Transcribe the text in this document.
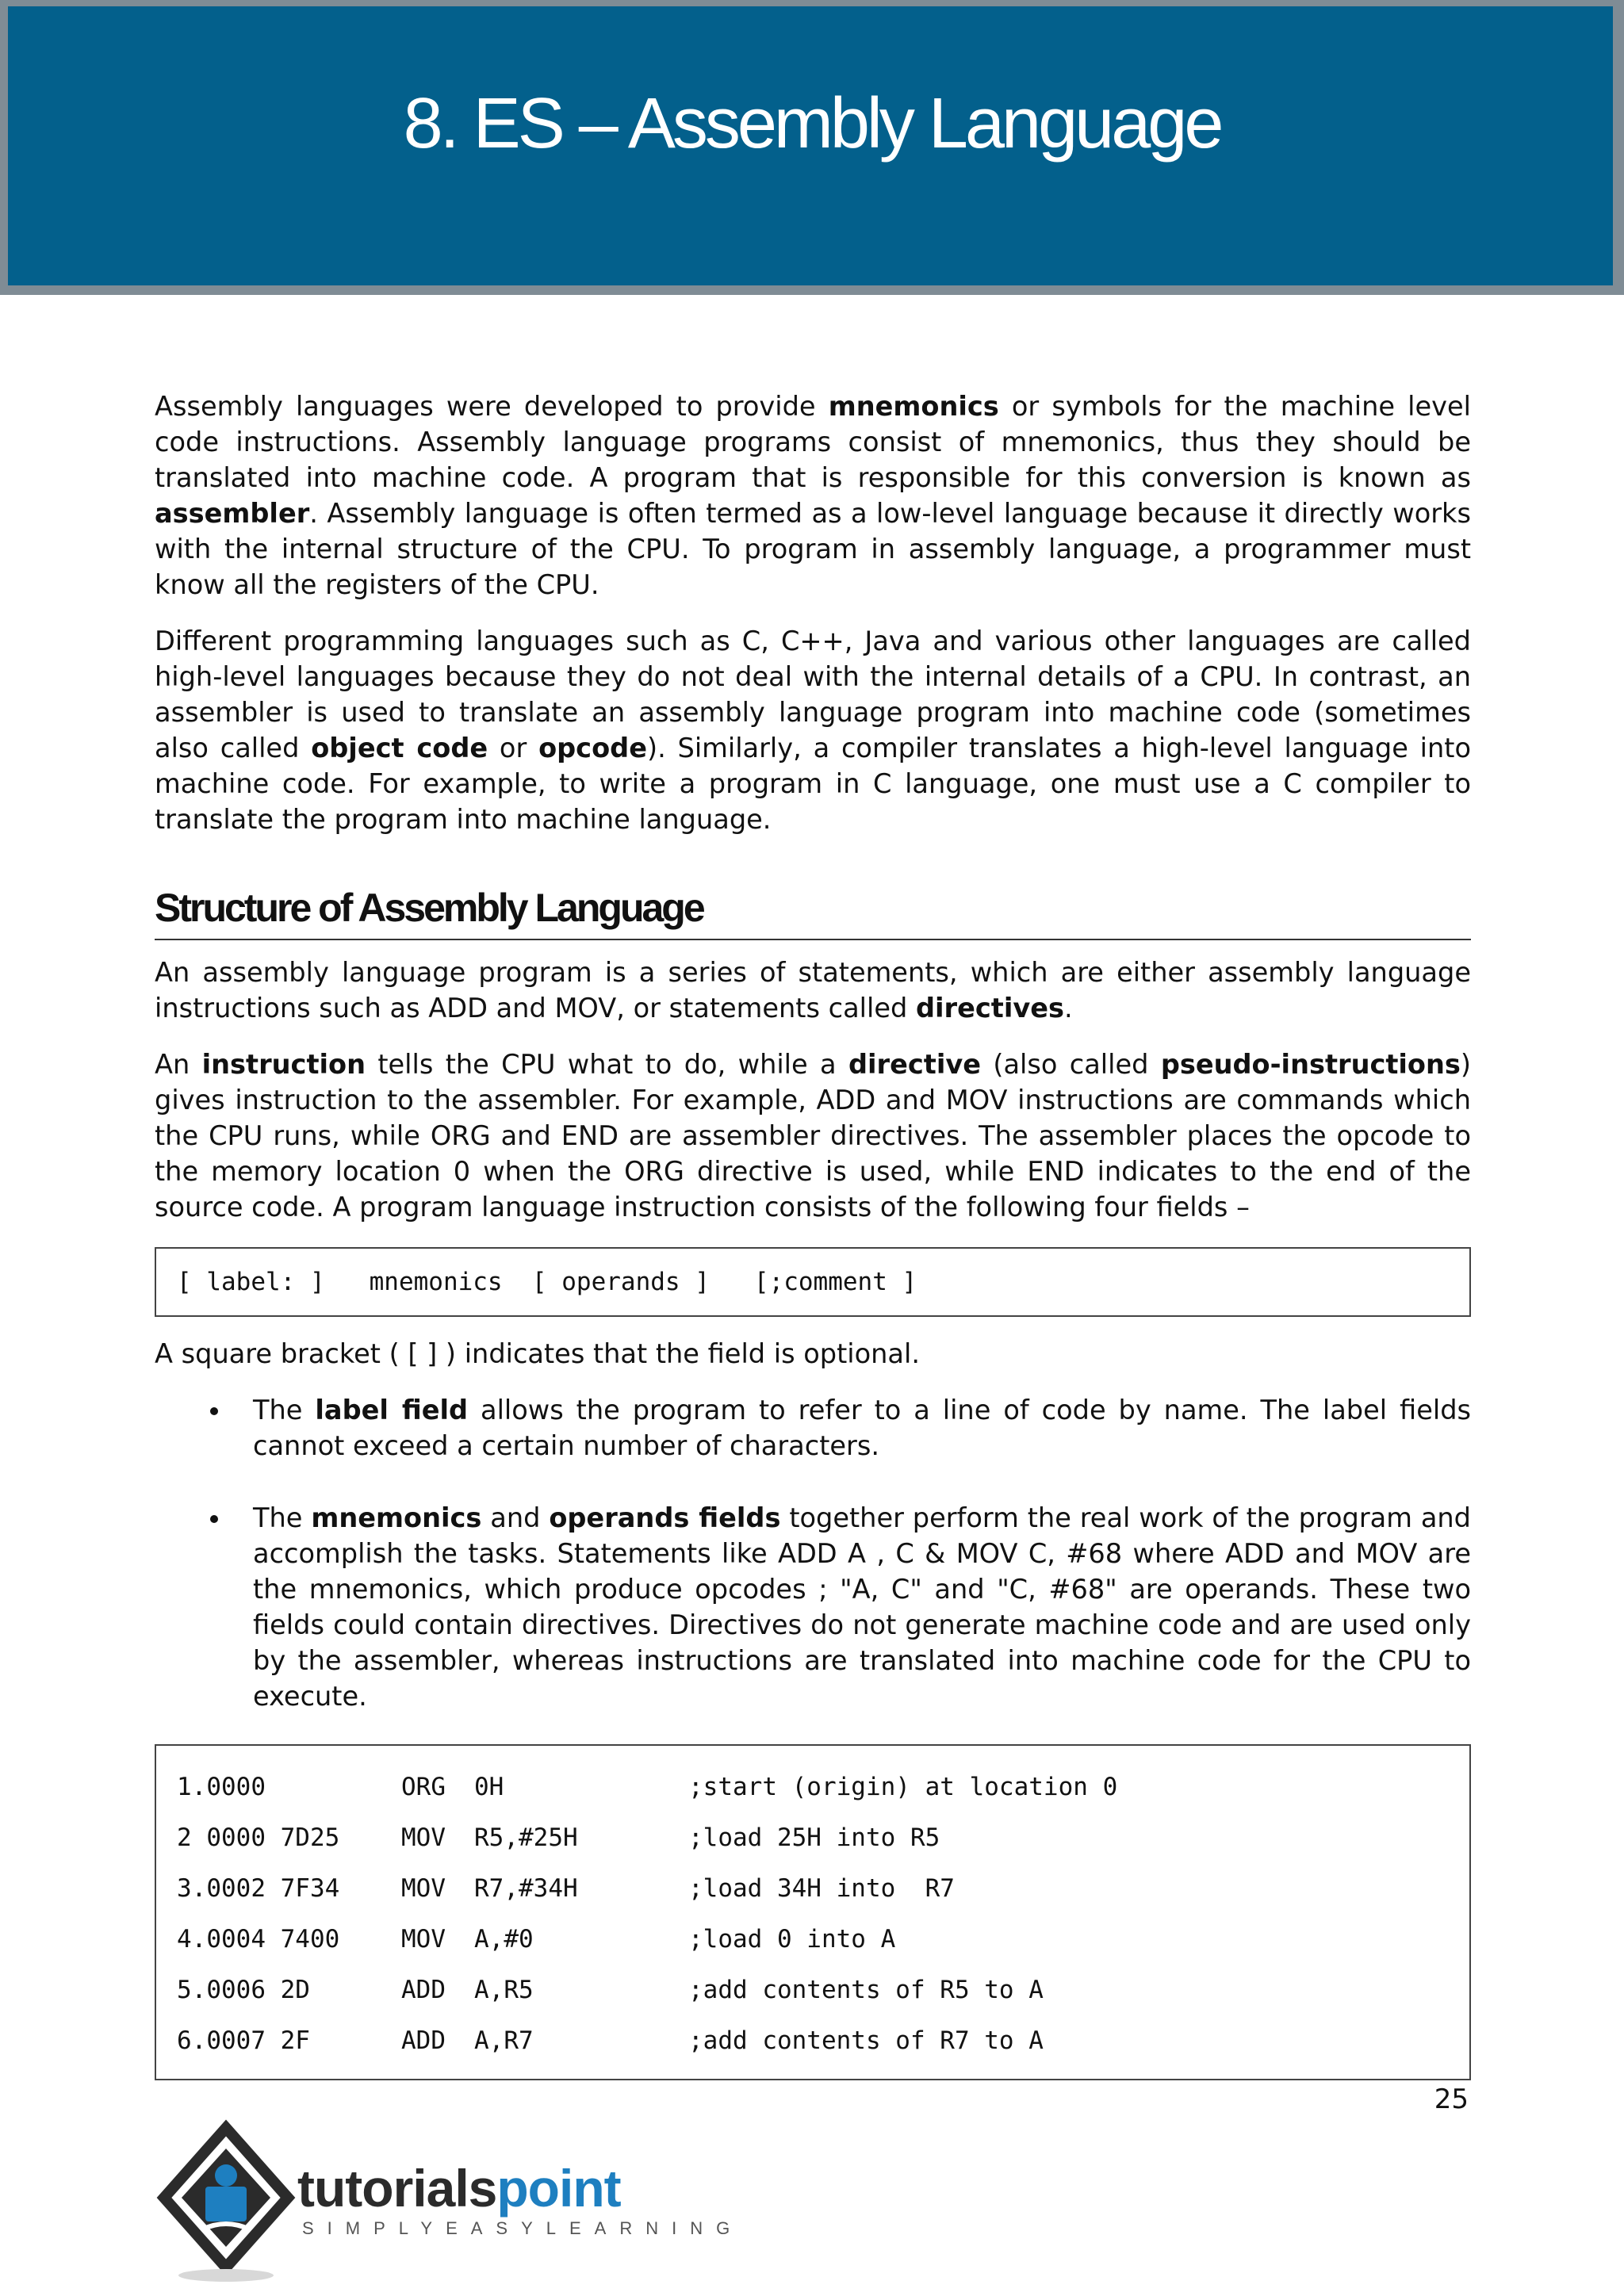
8. ES – Assembly Language

Assembly languages were developed to provide mnemonics or symbols for the machine level code instructions. Assembly language programs consist of mnemonics, thus they should be translated into machine code. A program that is responsible for this conversion is known as assembler. Assembly language is often termed as a low-level language because it directly works with the internal structure of the CPU. To program in assembly language, a programmer must know all the registers of the CPU.

Different programming languages such as C, C++, Java and various other languages are called high-level languages because they do not deal with the internal details of a CPU. In contrast, an assembler is used to translate an assembly language program into machine code (sometimes also called object code or opcode). Similarly, a compiler translates a high-level language into machine code. For example, to write a program in C language, one must use a C compiler to translate the program into machine language.

Structure of Assembly Language

An assembly language program is a series of statements, which are either assembly language instructions such as ADD and MOV, or statements called directives.

An instruction tells the CPU what to do, while a directive (also called pseudo-instructions) gives instruction to the assembler. For example, ADD and MOV instructions are commands which the CPU runs, while ORG and END are assembler directives. The assembler places the opcode to the memory location 0 when the ORG directive is used, while END indicates to the end of the source code. A program language instruction consists of the following four fields –

[ label: ]   mnemonics  [ operands ]   [;comment ]

A square bracket ( [ ] ) indicates that the field is optional.

The label field allows the program to refer to a line of code by name. The label fields cannot exceed a certain number of characters.

The mnemonics and operands fields together perform the real work of the program and accomplish the tasks. Statements like ADD A , C & MOV C, #68 where ADD and MOV are the mnemonics, which produce opcodes ; "A, C" and "C, #68" are operands. These two fields could contain directives. Directives do not generate machine code and are used only by the assembler, whereas instructions are translated into machine code for the CPU to execute.

1.0000	ORG	0H	;start (origin) at location 0
2 0000 7D25	MOV	R5,#25H	;load 25H into R5
3.0002 7F34	MOV	R7,#34H	;load 34H into  R7
4.0004 7400	MOV	A,#0	;load 0 into A
5.0006 2D	ADD	A,R5	;add contents of R5 to A
6.0007 2F	ADD	A,R7	;add contents of R7 to A
25
tutorialspoint
SIMPLYEASYLEARNING
